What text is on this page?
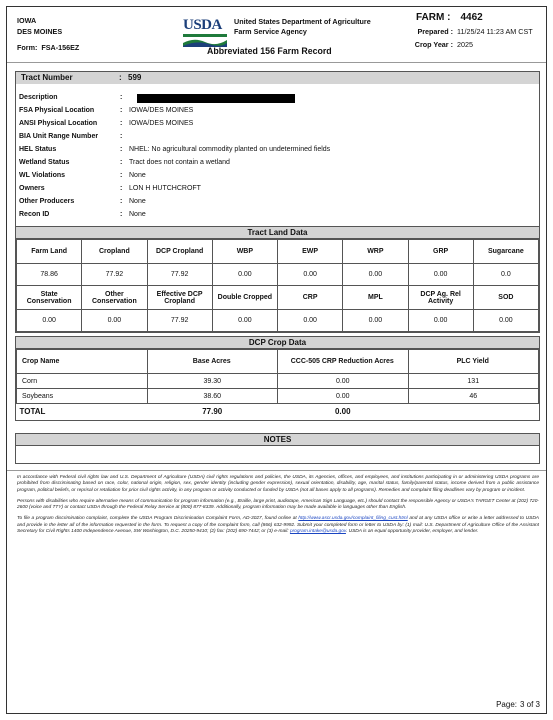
IOWA
DES MOINES
Form: FSA-156EZ
USDA	United States Department of Agriculture
Farm Service Agency
Abbreviated 156 Farm Record
FARM : 4462
Prepared : 11/25/24 11:23 AM CST
Crop Year : 2025
Tract Number	: 599
Description	:
FSA Physical Location	: IOWA/DES MOINES
ANSI Physical Location	: IOWA/DES MOINES
BIA Unit Range Number	:
HEL Status	: NHEL: No agricultural commodity planted on undetermined fields
Wetland Status	: Tract does not contain a wetland
WL Violations	: None
Owners	: LON H HUTCHCROFT
Other Producers	: None
Recon ID	: None
Tract Land Data
Farm Land	Cropland	DCP Cropland	WBP	EWP	WRP	GRP	Sugarcane
78.86	77.92	77.92	0.00	0.00	0.00	0.00	0.0
State Conservation	Other Conservation	Effective DCP Cropland	Double Cropped	CRP	MPL	DCP Ag. Rel Activity	SOD
0.00	0.00	77.92	0.00	0.00	0.00	0.00	0.00
DCP Crop Data
Crop Name	Base Acres	CCC-505 CRP Reduction Acres	PLC Yield
Corn	39.30	0.00	131
Soybeans	38.60	0.00	46
TOTAL	77.90	0.00	
NOTES

In accordance with Federal civil rights law and U.S. Department of Agriculture (USDA) civil rights regulations and policies, the USDA, its Agencies, offices, and employees, and institutions participating in or administering USDA programs are prohibited from discriminating based on race, color, national origin, religion, sex, gender identity (including gender expression), sexual orientation, disability, age, marital status, family/parental status, income derived from a public assistance program, political beliefs, or reprisal or retaliation for prior civil rights activity, in any program or activity conducted or funded by USDA (not all bases apply to all programs). Remedies and complaint filing deadlines vary by program or incident.

Persons with disabilities who require alternative means of communication for program information (e.g., Braille, large print, audiotape, American Sign Language, etc.) should contact the responsible Agency or USDA's TARGET Center at (202) 720-2600 (voice and TTY) or contact USDA through the Federal Relay Service at (800) 877-8339. Additionally, program information may be made available in languages other than English.

To file a program discrimination complaint, complete the USDA Program Discrimination Complaint Form, AD-3027, found online at http://www.ascr.usda.gov/complaint_filing_cust.html and at any USDA office or write a letter addressed to USDA and provide in the letter all of the information requested in the form. To request a copy of the complaint form, call (866) 632-9992. Submit your completed form or letter to USDA by: (1) mail: U.S. Department of Agriculture Office of the Assistant Secretary for Civil Rights 1400 Independence Avenue, SW Washington, D.C. 20250-9410; (2) fax: (202) 690-7442; or (3) e-mail: program.intake@usda.gov. USDA is an equal opportunity provider, employer, and lender.

Page: 3 of 3
